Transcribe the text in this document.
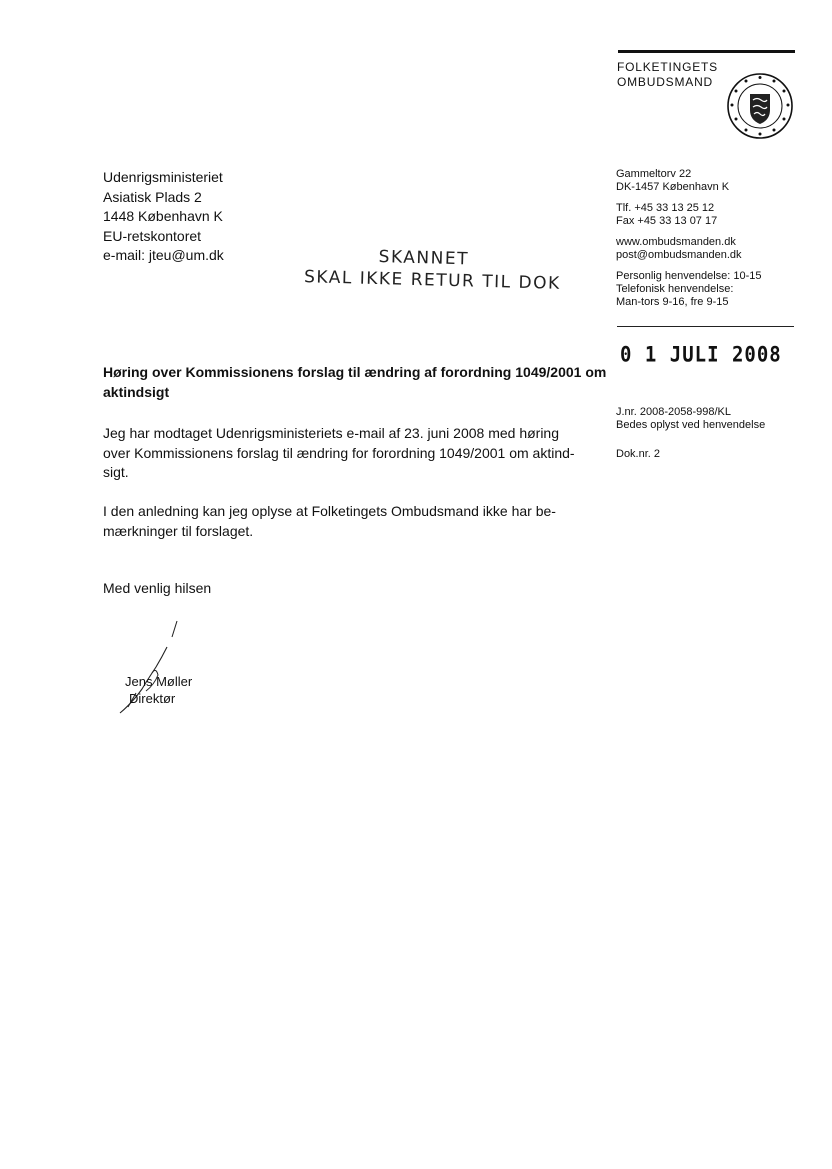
FOLKETINGETS
OMBUDSMAND
Udenrigsministeriet
Asiatisk Plads 2
1448 København K
EU-retskontoret
e-mail: jteu@um.dk	SKANNET
SKAL IKKE RETUR TIL DOK
Gammeltorv 22
DK-1457 København K
Tlf. +45 33 13 25 12
Fax +45 33 13 07 17
www.ombudsmanden.dk
post@ombudsmanden.dk
Personlig henvendelse: 10-15
Telefonisk henvendelse:
Man-tors 9-16, fre 9-15
0 1 JULI 2008
J.nr. 2008-2058-998/KL
Bedes oplyst ved henvendelse
Dok.nr. 2
Høring over Kommissionens forslag til ændring af forordning 1049/2001 om
aktindsigt
Jeg har modtaget Udenrigsministeriets e-mail af 23. juni 2008 med høring
over Kommissionens forslag til ændring for forordning 1049/2001 om aktind-
sigt.
I den anledning kan jeg oplyse at Folketingets Ombudsmand ikke har be-
mærkninger til forslaget.
Med venlig hilsen
Jens Møller
Direktør
